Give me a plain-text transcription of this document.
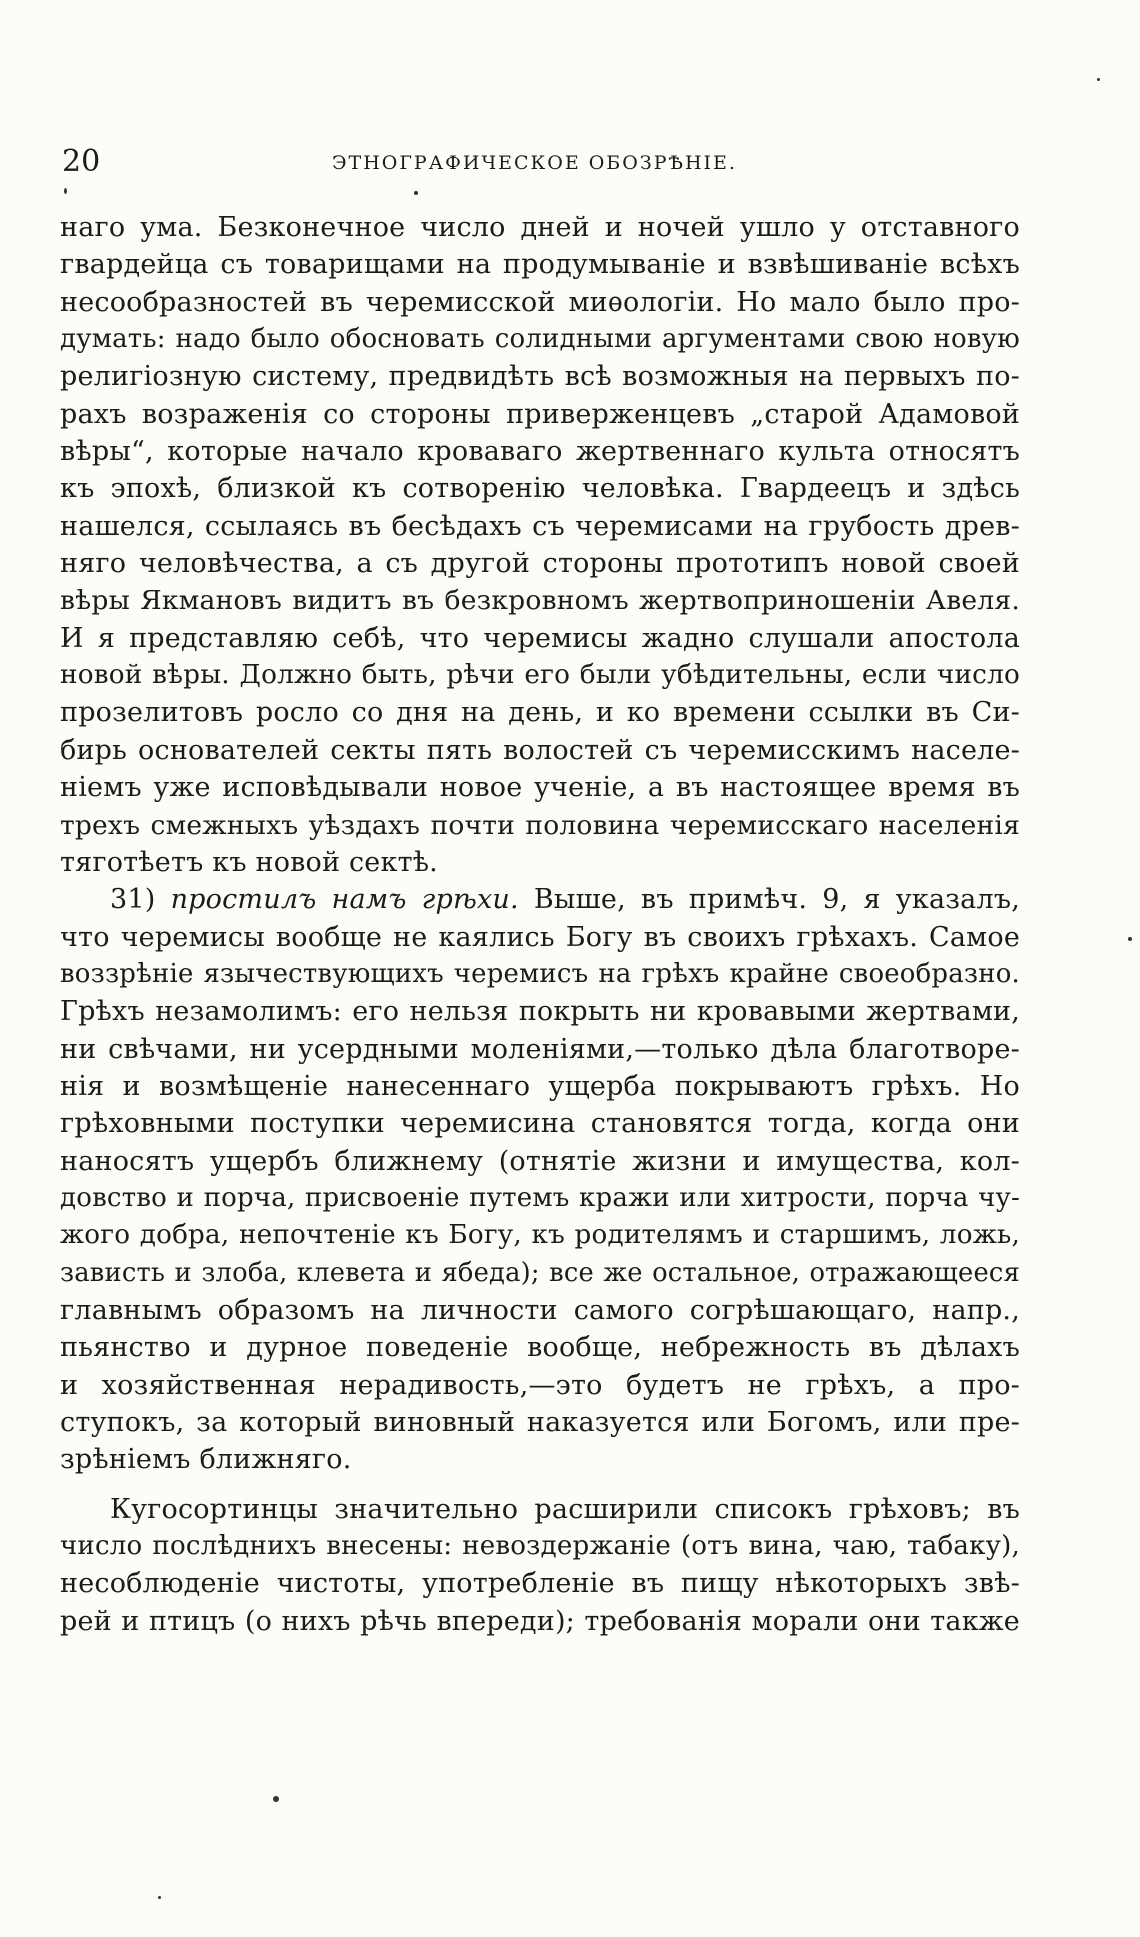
20	ЭТНОГРАФИЧЕСКОЕ ОБОЗРѢНІЕ.
наго ума. Безконечное число дней и ночей ушло у отставного
гвардейца съ товарищами на продумываніе и взвѣшиваніе всѣхъ
несообразностей въ черемисской миѳологіи. Но мало было про-
думать: надо было обосновать солидными аргументами свою новую
религіозную систему, предвидѣть всѣ возможныя на первыхъ по-
рахъ возраженія со стороны приверженцевъ „старой Адамовой
вѣры“, которые начало кроваваго жертвеннаго культа относятъ
къ эпохѣ, близкой къ сотворенію человѣка. Гвардеецъ и здѣсь
нашелся, ссылаясь въ бесѣдахъ съ черемисами на грубость древ-
няго человѣчества, а съ другой стороны прототипъ новой своей
вѣры Якмановъ видитъ въ безкровномъ жертвоприношеніи Авеля.
И я представляю себѣ, что черемисы жадно слушали апостола
новой вѣры. Должно быть, рѣчи его были убѣдительны, если число
прозелитовъ росло со дня на день, и ко времени ссылки въ Си-
бирь основателей секты пять волостей съ черемисскимъ населе-
ніемъ уже исповѣдывали новое ученіе, а въ настоящее время въ
трехъ смежныхъ уѣздахъ почти половина черемисскаго населенія
тяготѣетъ къ новой сектѣ.
31) простилъ намъ грѣхи. Выше, въ примѣч. 9, я указалъ,
что черемисы вообще не каялись Богу въ своихъ грѣхахъ. Самое
воззрѣніе язычествующихъ черемисъ на грѣхъ крайне своеобразно.
Грѣхъ незамолимъ: его нельзя покрыть ни кровавыми жертвами,
ни свѣчами, ни усердными моленіями,—только дѣла благотворе-
нія и возмѣщеніе нанесеннаго ущерба покрываютъ грѣхъ. Но
грѣховными поступки черемисина становятся тогда, когда они
наносятъ ущербъ ближнему (отнятіе жизни и имущества, кол-
довство и порча, присвоеніе путемъ кражи или хитрости, порча чу-
жого добра, непочтеніе къ Богу, къ родителямъ и старшимъ, ложь,
зависть и злоба, клевета и ябеда); все же остальное, отражающееся
главнымъ образомъ на личности самого согрѣшающаго, напр.,
пьянство и дурное поведеніе вообще, небрежность въ дѣлахъ
и хозяйственная нерадивость,—это будетъ не грѣхъ, а про-
ступокъ, за который виновный наказуется или Богомъ, или пре-
зрѣніемъ ближняго.
Кугосортинцы значительно расширили списокъ грѣховъ; въ
число послѣднихъ внесены: невоздержаніе (отъ вина, чаю, табаку),
несоблюденіе чистоты, употребленіе въ пищу нѣкоторыхъ звѣ-
рей и птицъ (о нихъ рѣчь впереди); требованія морали они также
